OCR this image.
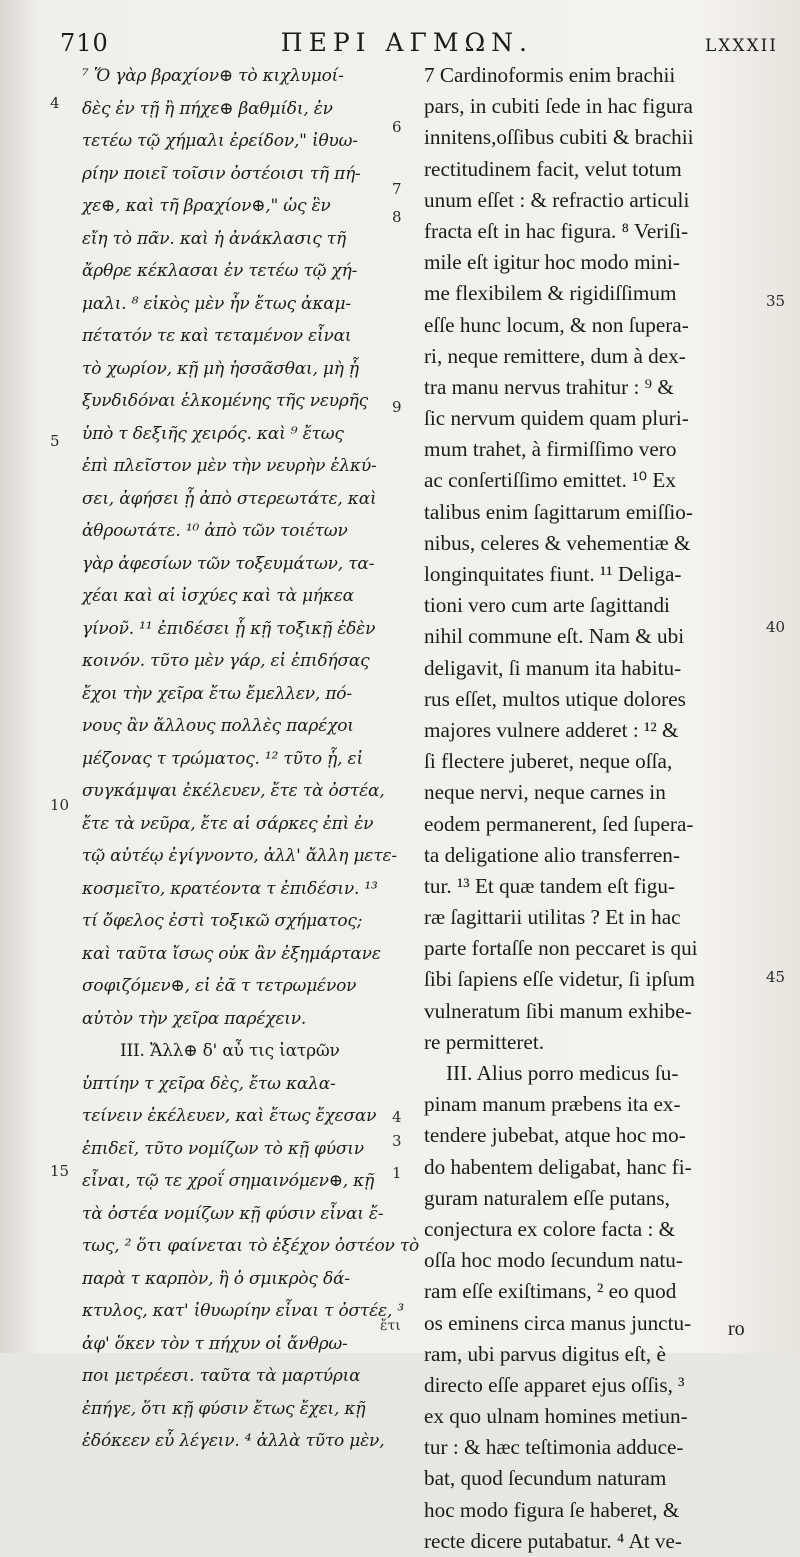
710	ΠΕΡΙ ΑΓΜΩΝ.	LXXXII
⁷ Ὅ γὰρ βραχίον⊕ τὸ κιχλυμοί-
δὲς ἐν τῇ ἢ πήχε⊕ βαθμίδι, ἐν
τετέω τῷ χήμαλι ἐρείδον," ἰθυω-
ρίην ποιεῖ τοῖσιν ὀστέοισι τῆ πή-
χε⊕, καὶ τῆ βραχίον⊕," ὡς ἓν
εἴη τὸ πᾶν. καὶ ἡ ἀνάκλασις τῆ
ἄρθρε κέκλασαι ἐν τετέω τῷ χή-
μαλι. ⁸ εἰκὸς μὲν ἦν ἔτως ἀκαμ-
πέτατόν τε καὶ τεταμένον εἶναι
τὸ χωρίον, κῇ μὴ ἡσσᾶσθαι, μὴ ᾗ
ξυνδιδόναι ἑλκομένης τῆς νευρῆς
ὑπὸ τ δεξιῆς χειρός. καὶ ⁹ ἔτως
ἐπὶ πλεῖστον μὲν τὴν νευρὴν ἑλκύ-
σει, ἀφήσει ᾗ ἀπὸ στερεωτάτε, καὶ
ἀθροωτάτε. ¹⁰ ἀπὸ τῶν τοιέτων
γὰρ ἀφεσίων τῶν τοξευμάτων, τα-
χέαι καὶ αἱ ἰσχύες καὶ τὰ μήκεα
γίνον̃. ¹¹ ἐπιδέσει ᾗ κῇ τοξικῇ ἐδὲν
κοινόν. τῦτο μὲν γάρ, εἰ ἐπιδήσας
ἔχοι τὴν χεῖρα ἔτω ἔμελλεν, πό-
νους ἂν ἄλλους πολλὲς παρέχοι
μέζονας τ τρώματος. ¹² τῦτο ᾗ, εἰ
συγκάμψαι ἐκέλευεν, ἔτε τὰ ὀστέα,
ἔτε τὰ νεῦρα, ἔτε αἱ σάρκες ἐπὶ ἐν
τῷ αὐτέῳ ἐγίγνοντο, ἀλλ' ἄλλη μετε-
κοσμεῖτο, κρατέοντα τ ἐπιδέσιν. ¹³
τί ὄφελος ἐστὶ τοξικῶ σχήματος;
καὶ ταῦτα ἴσως οὐκ ἂν ἐξημάρτανε
σοφιζόμεν⊕, εἰ ἐᾶ τ τετρωμένον
αὐτὸν τὴν χεῖρα παρέχειν.
III. Ἄλλ⊕ δ' αὖ τις ἰατρῶν
ὑπτίην τ χεῖρα δὲς, ἔτω καλα-
τείνειν ἐκέλευεν, καὶ ἔτως ἔχεσαν
ἐπιδεῖ, τῦτο νομίζων τὸ κῇ φύσιν
εἶναι, τῷ τε χροΐ σημαινόμεν⊕, κῇ
τὰ ὀστέα νομίζων κῇ φύσιν εἶναι ἔ-
τως, ² ὅτι φαίνεται τὸ ἐξέχον ὀστέον τὸ
παρὰ τ καρπὸν, ἣ ὁ σμικρὸς δά-
κτυλος, κατ' ἰθυωρίην εἶναι τ ὀστέε, ³
ἀφ' ὅκεν τὸν τ πήχυν οἱ ἄνθρω-
ποι μετρέεσι. ταῦτα τὰ μαρτύρια
ἐπήγε, ὅτι κῇ φύσιν ἔτως ἔχει, κῇ
ἐδόκεεν εὖ λέγειν. ⁴ ἀλλὰ τῦτο μὲν,
7 Cardinoformis enim brachii
pars, in cubiti ſede in hac figura
innitens,oſſibus cubiti & brachii
rectitudinem facit, velut totum
unum eſſet : & refractio articuli
fracta eſt in hac figura. ⁸ Veriſi-
mile eſt igitur hoc modo mini-
me flexibilem & rigidiſſimum
eſſe hunc locum, & non ſupera-
ri, neque remittere, dum à dex-
tra manu nervus trahitur : ⁹ &
ſic nervum quidem quam pluri-
mum trahet, à firmiſſimo vero
ac conſertiſſimo emittet. ¹⁰ Ex
talibus enim ſagittarum emiſſio-
nibus, celeres & vehementiæ &
longinquitates fiunt. ¹¹ Deliga-
tioni vero cum arte ſagittandi
nihil commune eſt. Nam & ubi
deligavit, ſi manum ita habitu-
rus eſſet, multos utique dolores
majores vulnere adderet : ¹² &
ſi flectere juberet, neque oſſa,
neque nervi, neque carnes in
eodem permanerent, ſed ſupera-
ta deligatione alio transferren-
tur. ¹³ Et quæ tandem eſt figu-
ræ ſagittarii utilitas ? Et in hac
parte fortaſſe non peccaret is qui
ſibi ſapiens eſſe videtur, ſi ipſum
vulneratum ſibi manum exhibe-
re permitteret.
III. Alius porro medicus ſu-
pinam manum præbens ita ex-
tendere jubebat, atque hoc mo-
do habentem deligabat, hanc fi-
guram naturalem eſſe putans,
conjectura ex colore facta : &
oſſa hoc modo ſecundum natu-
ram eſſe exiſtimans, ² eo quod
os eminens circa manus junctu-
ram, ubi parvus digitus eſt, è
directo eſſe apparet ejus oſſis, ³
ex quo ulnam homines metiun-
tur : & hæc teſtimonia adduce-
bat, quod ſecundum naturam
hoc modo figura ſe haberet, &
recte dicere putabatur. ⁴ At ve-
4
5
10
15
6
7
8
9
4
3
1
35
40
45
ἔτι	ro
